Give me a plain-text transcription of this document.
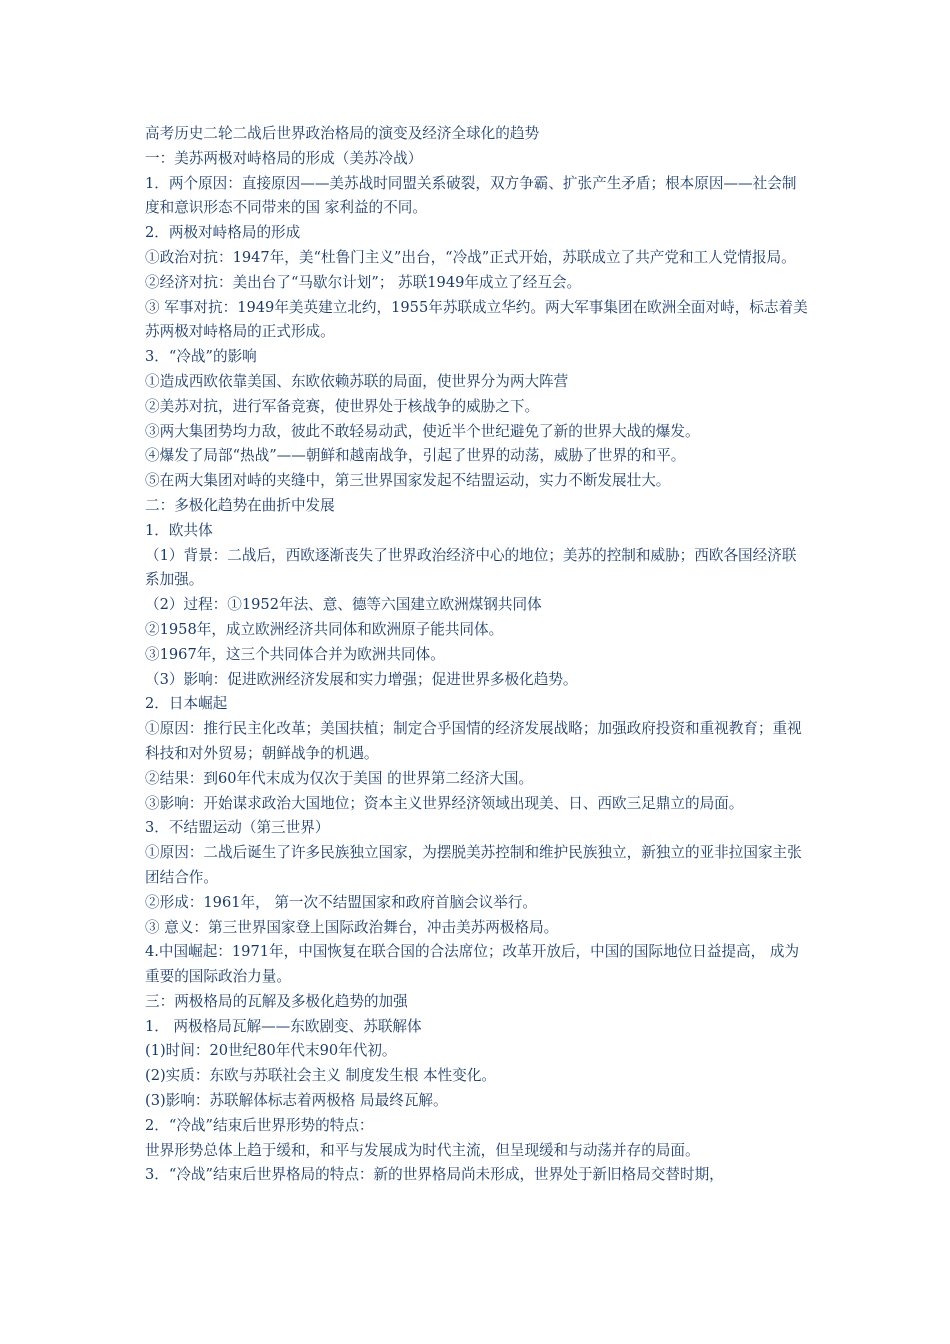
高考历史二轮二战后世界政治格局的演变及经济全球化的趋势

一：美苏两极对峙格局的形成（美苏冷战）

1．两个原因：直接原因——美苏战时同盟关系破裂，双方争霸、扩张产生矛盾；根本原因——社会制度和意识形态不同带来的国 家利益的不同。

2．两极对峙格局的形成

①政治对抗：1947年，美“杜鲁门主义”出台，“冷战”正式开始，苏联成立了共产党和工人党情报局。

②经济对抗：美出台了“马歇尔计划”； 苏联1949年成立了经互会。

③ 军事对抗：1949年美英建立北约，1955年苏联成立华约。两大军事集团在欧洲全面对峙，标志着美苏两极对峙格局的正式形成。

3．“冷战”的影响

①造成西欧依靠美国、东欧依赖苏联的局面，使世界分为两大阵营

②美苏对抗，进行军备竞赛，使世界处于核战争的威胁之下。

③两大集团势均力敌，彼此不敢轻易动武，使近半个世纪避免了新的世界大战的爆发。

④爆发了局部“热战”——朝鲜和越南战争，引起了世界的动荡，威胁了世界的和平。

⑤在两大集团对峙的夹缝中，第三世界国家发起不结盟运动，实力不断发展壮大。

二：多极化趋势在曲折中发展

1．欧共体

（1）背景：二战后，西欧逐渐丧失了世界政治经济中心的地位；美苏的控制和威胁；西欧各国经济联系加强。

（2）过程：①1952年法、意、德等六国建立欧洲煤钢共同体

②1958年，成立欧洲经济共同体和欧洲原子能共同体。

③1967年，这三个共同体合并为欧洲共同体。

（3）影响：促进欧洲经济发展和实力增强；促进世界多极化趋势。

2．日本崛起

①原因：推行民主化改革；美国扶植；制定合乎国情的经济发展战略；加强政府投资和重视教育；重视科技和对外贸易；朝鲜战争的机遇。

②结果：到60年代末成为仅次于美国 的世界第二经济大国。

③影响：开始谋求政治大国地位；资本主义世界经济领域出现美、日、西欧三足鼎立的局面。

3．不结盟运动（第三世界）

①原因：二战后诞生了许多民族独立国家，为摆脱美苏控制和维护民族独立，新独立的亚非拉国家主张团结合作。

②形成：1961年， 第一次不结盟国家和政府首脑会议举行。

③ 意义：第三世界国家登上国际政治舞台，冲击美苏两极格局。

4.中国崛起：1971年，中国恢复在联合国的合法席位；改革开放后，中国的国际地位日益提高， 成为重要的国际政治力量。

三：两极格局的瓦解及多极化趋势的加强

1． 两极格局瓦解——东欧剧变、苏联解体

(1)时间：20世纪80年代末90年代初。

(2)实质：东欧与苏联社会主义 制度发生根 本性变化。

(3)影响：苏联解体标志着两极格 局最终瓦解。

2．“冷战”结束后世界形势的特点：

世界形势总体上趋于缓和，和平与发展成为时代主流，但呈现缓和与动荡并存的局面。

3．“冷战”结束后世界格局的特点：新的世界格局尚未形成，世界处于新旧格局交替时期，
